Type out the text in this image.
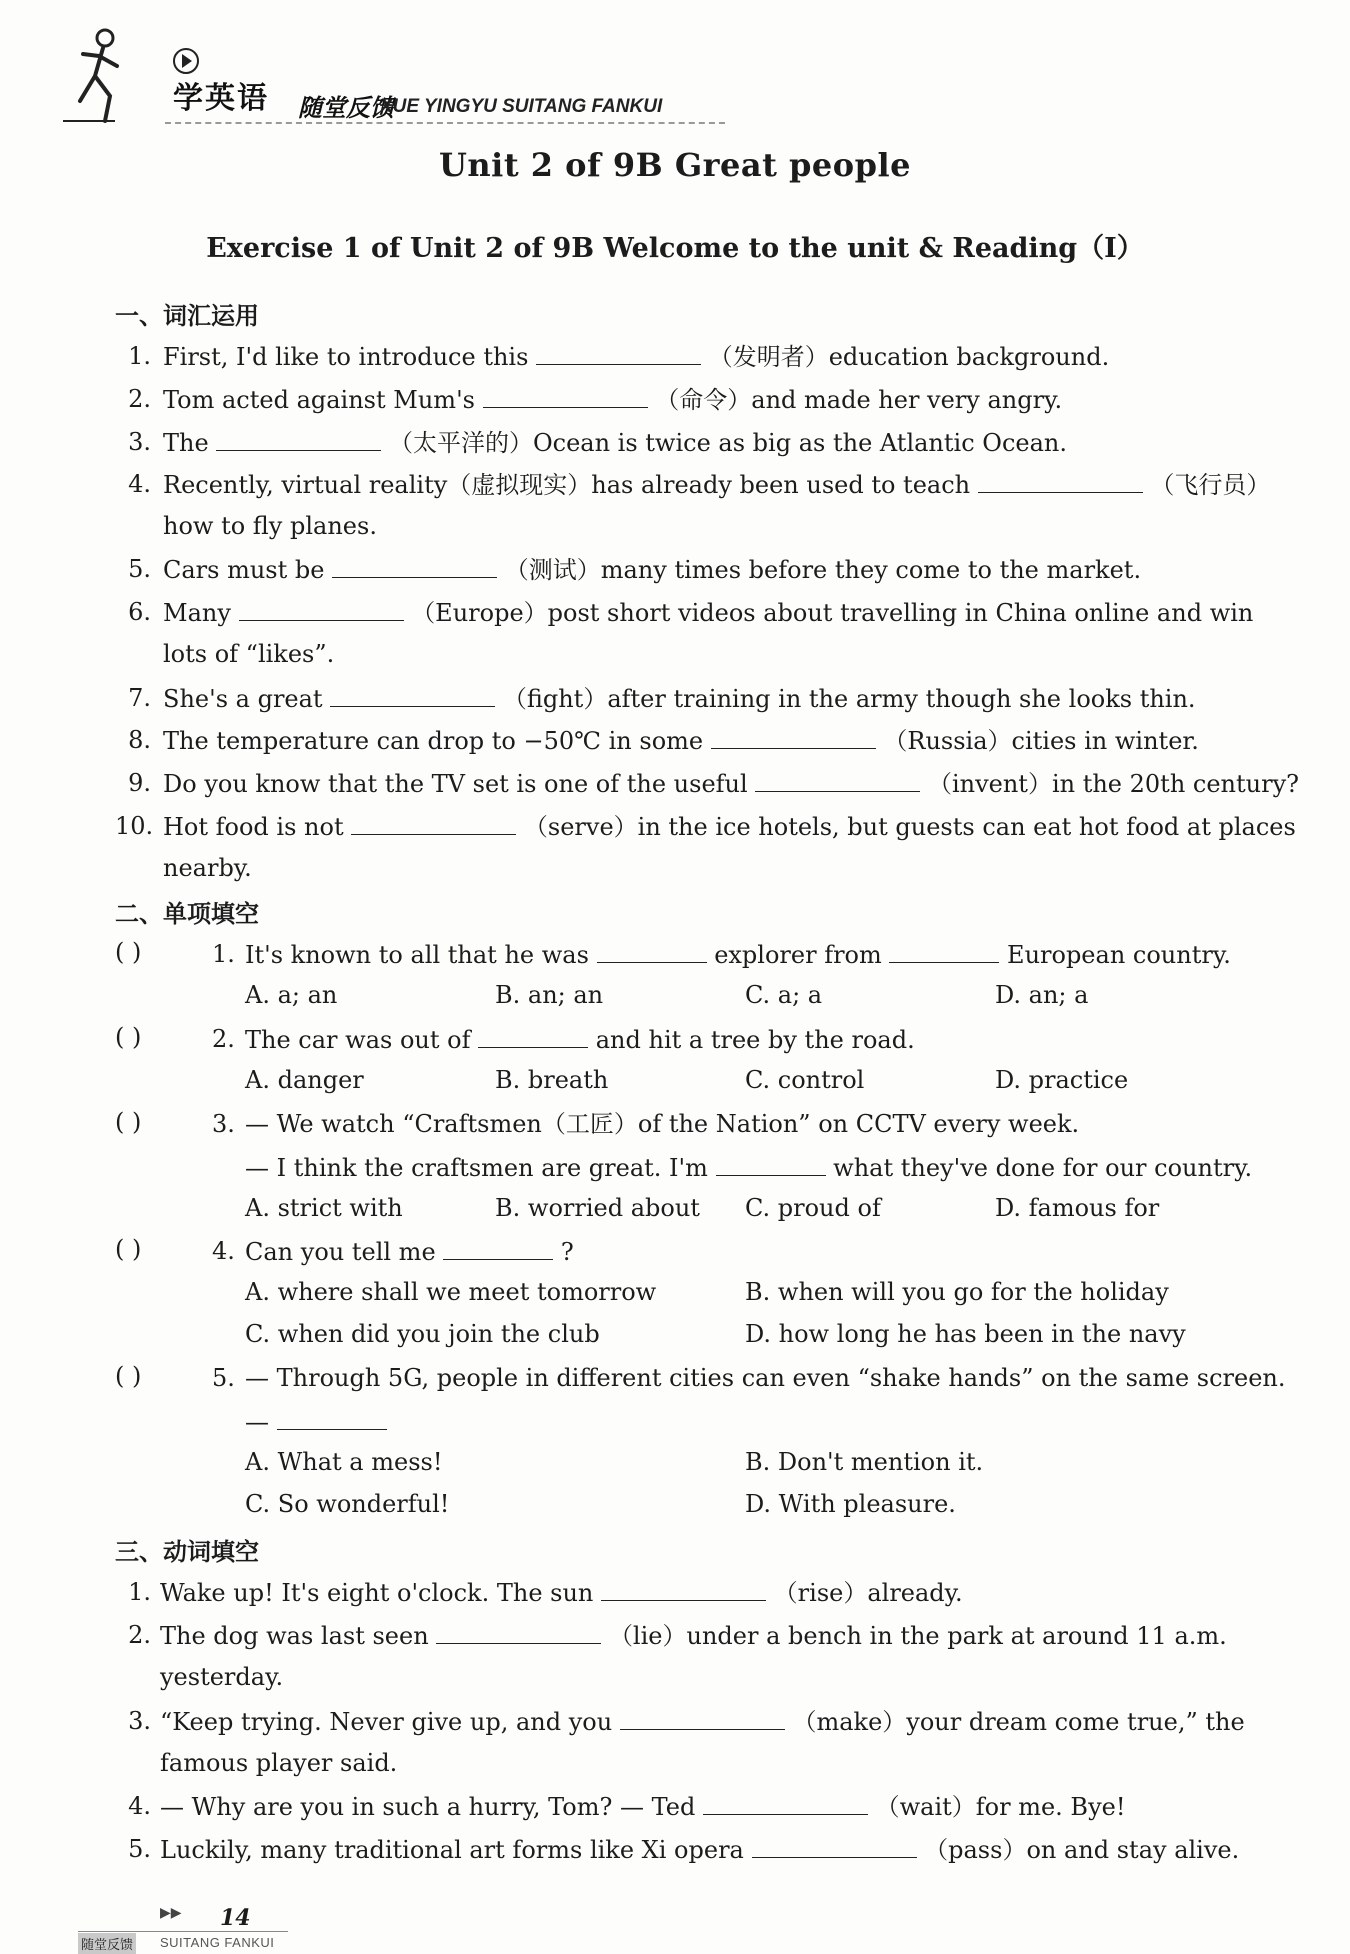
学英语 随堂反馈
XUE YINGYU SUITANG FANKUI
Unit 2 of 9B Great people
Exercise 1 of Unit 2 of 9B Welcome to the unit & Reading（Ⅰ）
一、词汇运用
1. First, I'd like to introduce this	（发明者）education background.
2. Tom acted against Mum's	（命令）and made her very angry.
3. The	（太平洋的）Ocean is twice as big as the Atlantic Ocean.
4. Recently, virtual reality（虚拟现实）has already been used to teach	（飞行员）
how to fly planes.
5. Cars must be	（测试）many times before they come to the market.
6. Many	（Europe）post short videos about travelling in China online and win
lots of “likes”.
7. She's a great	（fight）after training in the army though she looks thin.
8. The temperature can drop to −50℃ in some	（Russia）cities in winter.
9. Do you know that the TV set is one of the useful	（invent）in the 20th century?
10. Hot food is not	（serve）in the ice hotels, but guests can eat hot food at places
nearby.
二、单项填空
( )	1. It's known to all that he was	explorer from	European country.
A. a; an	B. an; an	C. a; a	D. an; a
( )	2. The car was out of	and hit a tree by the road.
A. danger	B. breath	C. control	D. practice
( )	3. — We watch “Craftsmen（工匠）of the Nation” on CCTV every week.
— I think the craftsmen are great. I'm	what they've done for our country.
A. strict with	B. worried about C. proud of	D. famous for
( )	4. Can you tell me	?
A. where shall we meet tomorrow	B. when will you go for the holiday
C. when did you join the club	D. how long he has been in the navy
( )	5. — Through 5G, people in different cities can even “shake hands” on the same screen.
—
A. What a mess!	B. Don't mention it.
C. So wonderful!	D. With pleasure.
三、动词填空
1. Wake up! It's eight o'clock. The sun	（rise）already.
2. The dog was last seen	（lie）under a bench in the park at around 11 a.m.
yesterday.
3. “Keep trying. Never give up, and you	（make）your dream come true,” the
famous player said.
4. — Why are you in such a hurry, Tom? — Ted	（wait）for me. Bye!
5. Luckily, many traditional art forms like Xi opera	（pass）on and stay alive.
▶▶ 14
随堂反馈 SUITANG FANKUI
